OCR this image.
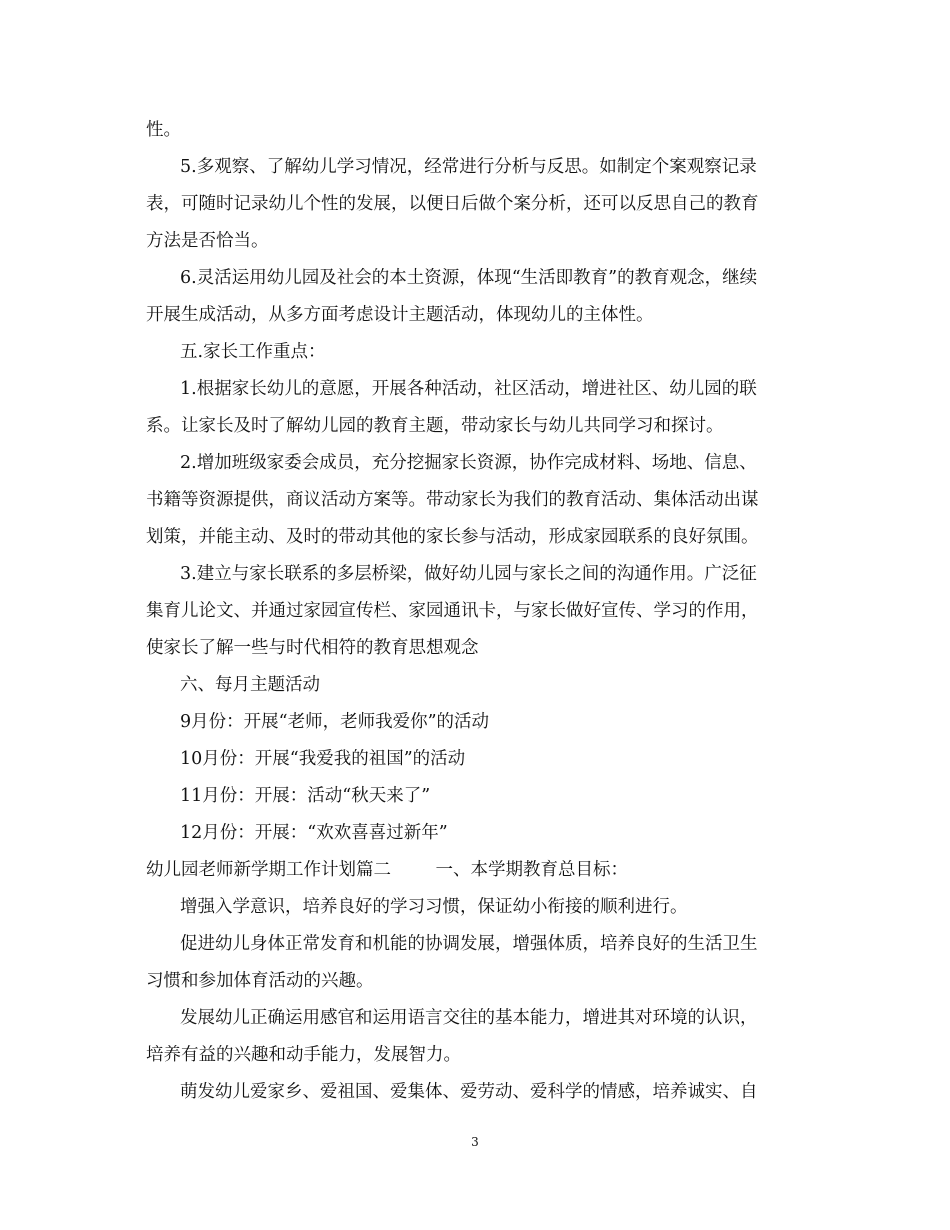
性。
5.多观察、了解幼儿学习情况，经常进行分析与反思。如制定个案观察记录
表，可随时记录幼儿个性的发展，以便日后做个案分析，还可以反思自己的教育
方法是否恰当。
6.灵活运用幼儿园及社会的本土资源，体现“生活即教育”的教育观念，继续
开展生成活动，从多方面考虑设计主题活动，体现幼儿的主体性。
五.家长工作重点：
1.根据家长幼儿的意愿，开展各种活动，社区活动，增进社区、幼儿园的联
系。让家长及时了解幼儿园的教育主题，带动家长与幼儿共同学习和探讨。
2.增加班级家委会成员，充分挖掘家长资源，协作完成材料、场地、信息、
书籍等资源提供，商议活动方案等。带动家长为我们的教育活动、集体活动出谋
划策，并能主动、及时的带动其他的家长参与活动，形成家园联系的良好氛围。
3.建立与家长联系的多层桥梁，做好幼儿园与家长之间的沟通作用。广泛征
集育儿论文、并通过家园宣传栏、家园通讯卡，与家长做好宣传、学习的作用，
使家长了解一些与时代相符的教育思想观念
六、每月主题活动
9月份：开展“老师，老师我爱你”的活动
10月份：开展“我爱我的祖国”的活动
11月份：开展：活动“秋天来了”
12月份：开展：“欢欢喜喜过新年”
幼儿园老师新学期工作计划篇二        一、本学期教育总目标：
增强入学意识，培养良好的学习习惯，保证幼小衔接的顺利进行。
促进幼儿身体正常发育和机能的协调发展，增强体质，培养良好的生活卫生
习惯和参加体育活动的兴趣。
发展幼儿正确运用感官和运用语言交往的基本能力，增进其对环境的认识，
培养有益的兴趣和动手能力，发展智力。
萌发幼儿爱家乡、爱祖国、爱集体、爱劳动、爱科学的情感，培养诚实、自
3
